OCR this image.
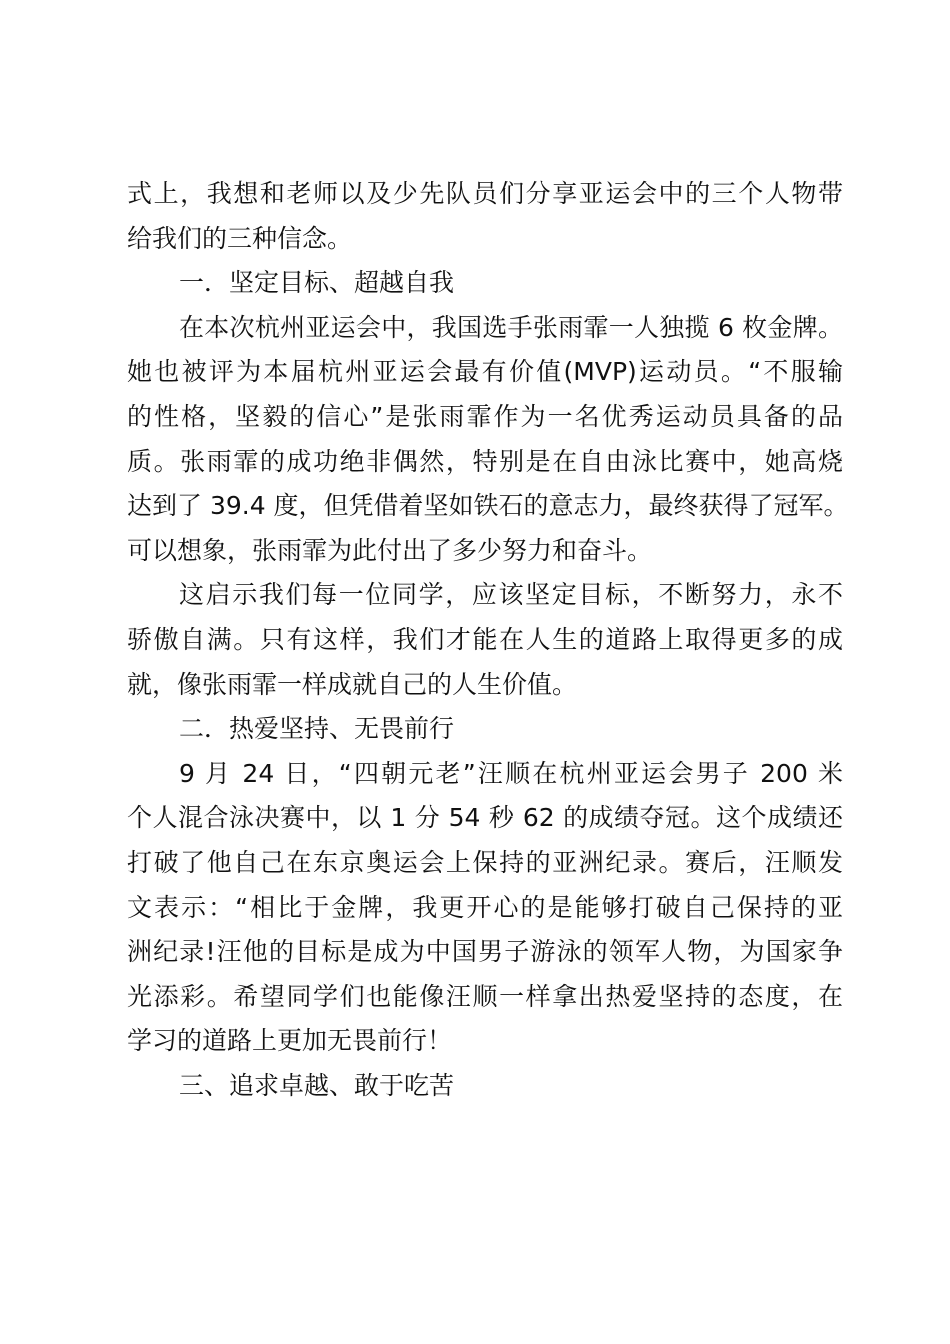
式上，我想和老师以及少先队员们分享亚运会中的三个人物带
给我们的三种信念。
一．坚定目标、超越自我
在本次杭州亚运会中，我国选手张雨霏一人独揽 6 枚金牌。
她也被评为本届杭州亚运会最有价值(MVP)运动员。“不服输
的性格，坚毅的信心”是张雨霏作为一名优秀运动员具备的品
质。张雨霏的成功绝非偶然，特别是在自由泳比赛中，她高烧
达到了 39.4 度，但凭借着坚如铁石的意志力，最终获得了冠军。
可以想象，张雨霏为此付出了多少努力和奋斗。
这启示我们每一位同学，应该坚定目标，不断努力，永不
骄傲自满。只有这样，我们才能在人生的道路上取得更多的成
就，像张雨霏一样成就自己的人生价值。
二．热爱坚持、无畏前行
9 月 24 日，“四朝元老”汪顺在杭州亚运会男子 200 米
个人混合泳决赛中，以 1 分 54 秒 62 的成绩夺冠。这个成绩还
打破了他自己在东京奥运会上保持的亚洲纪录。赛后，汪顺发
文表示：“相比于金牌，我更开心的是能够打破自己保持的亚
洲纪录!汪他的目标是成为中国男子游泳的领军人物，为国家争
光添彩。希望同学们也能像汪顺一样拿出热爱坚持的态度，在
学习的道路上更加无畏前行！
三、追求卓越、敢于吃苦
